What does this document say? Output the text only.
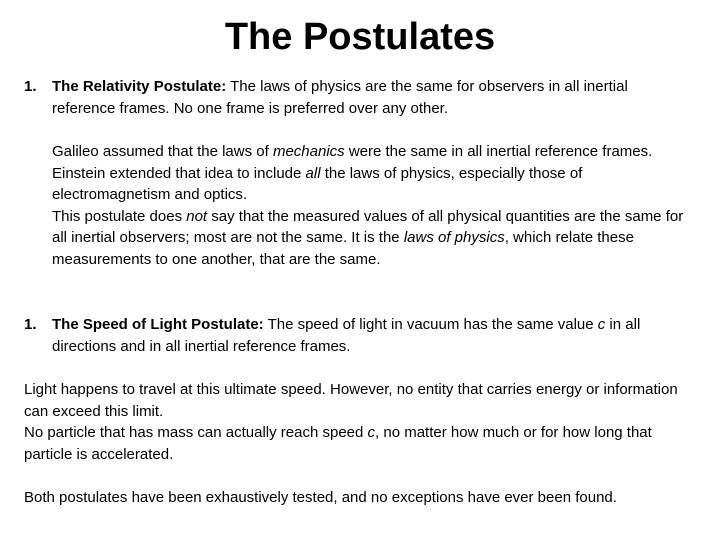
The Postulates
1.	The Relativity Postulate: The laws of physics are the same for observers in all inertial reference frames. No one frame is preferred over any other.

Galileo assumed that the laws of mechanics were the same in all inertial reference frames. Einstein extended that idea to include all the laws of physics, especially those of electromagnetism and optics.

This postulate does not say that the measured values of all physical quantities are the same for all inertial observers; most are not the same. It is the laws of physics, which relate these measurements to one another, that are the same.

1.	The Speed of Light Postulate: The speed of light in vacuum has the same value c in all directions and in all inertial reference frames.

Light happens to travel at this ultimate speed. However, no entity that carries energy or information can exceed this limit.

No particle that has mass can actually reach speed c, no matter how much or for how long that particle is accelerated.

Both postulates have been exhaustively tested, and no exceptions have ever been found.
